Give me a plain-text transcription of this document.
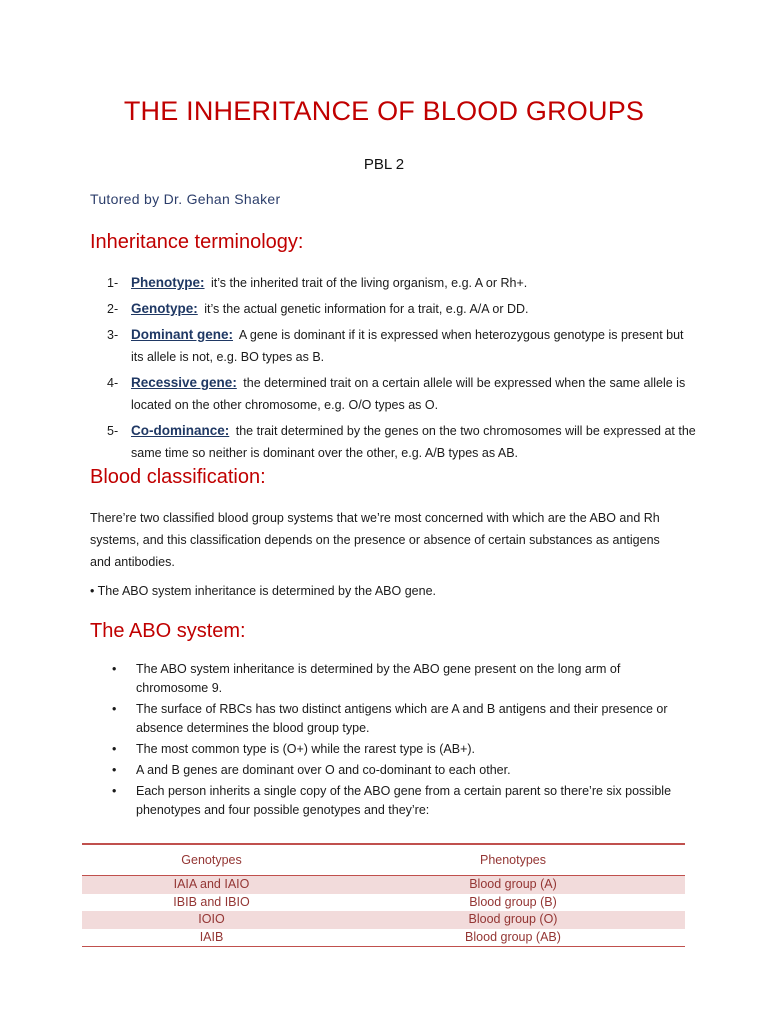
THE INHERITANCE OF BLOOD GROUPS
PBL 2
Tutored by Dr. Gehan Shaker
Inheritance terminology:
1- Phenotype: it’s the inherited trait of the living organism, e.g. A or Rh+.
2- Genotype: it’s the actual genetic information for a trait, e.g. A/A or DD.
3- Dominant gene: A gene is dominant if it is expressed when heterozygous genotype is present but its allele is not, e.g. BO types as B.
4- Recessive gene: the determined trait on a certain allele will be expressed when the same allele is located on the other chromosome, e.g. O/O types as O.
5- Co-dominance: the trait determined by the genes on the two chromosomes will be expressed at the same time so neither is dominant over the other, e.g. A/B types as AB.
Blood classification:
There’re two classified blood group systems that we’re most concerned with which are the ABO and Rh systems, and this classification depends on the presence or absence of certain substances as antigens and antibodies.
• The ABO system inheritance is determined by the ABO gene.
The ABO system:
• The ABO system inheritance is determined by the ABO gene present on the long arm of chromosome 9.
• The surface of RBCs has two distinct antigens which are A and B antigens and their presence or absence determines the blood group type.
• The most common type is (O+) while the rarest type is (AB+).
• A and B genes are dominant over O and co-dominant to each other.
• Each person inherits a single copy of the ABO gene from a certain parent so there’re six possible phenotypes and four possible genotypes and they’re:
Genotypes	Phenotypes
IAIA and IAIO	Blood group (A)
IBIB and IBIO	Blood group (B)
IOIO	Blood group (O)
IAIB	Blood group (AB)
